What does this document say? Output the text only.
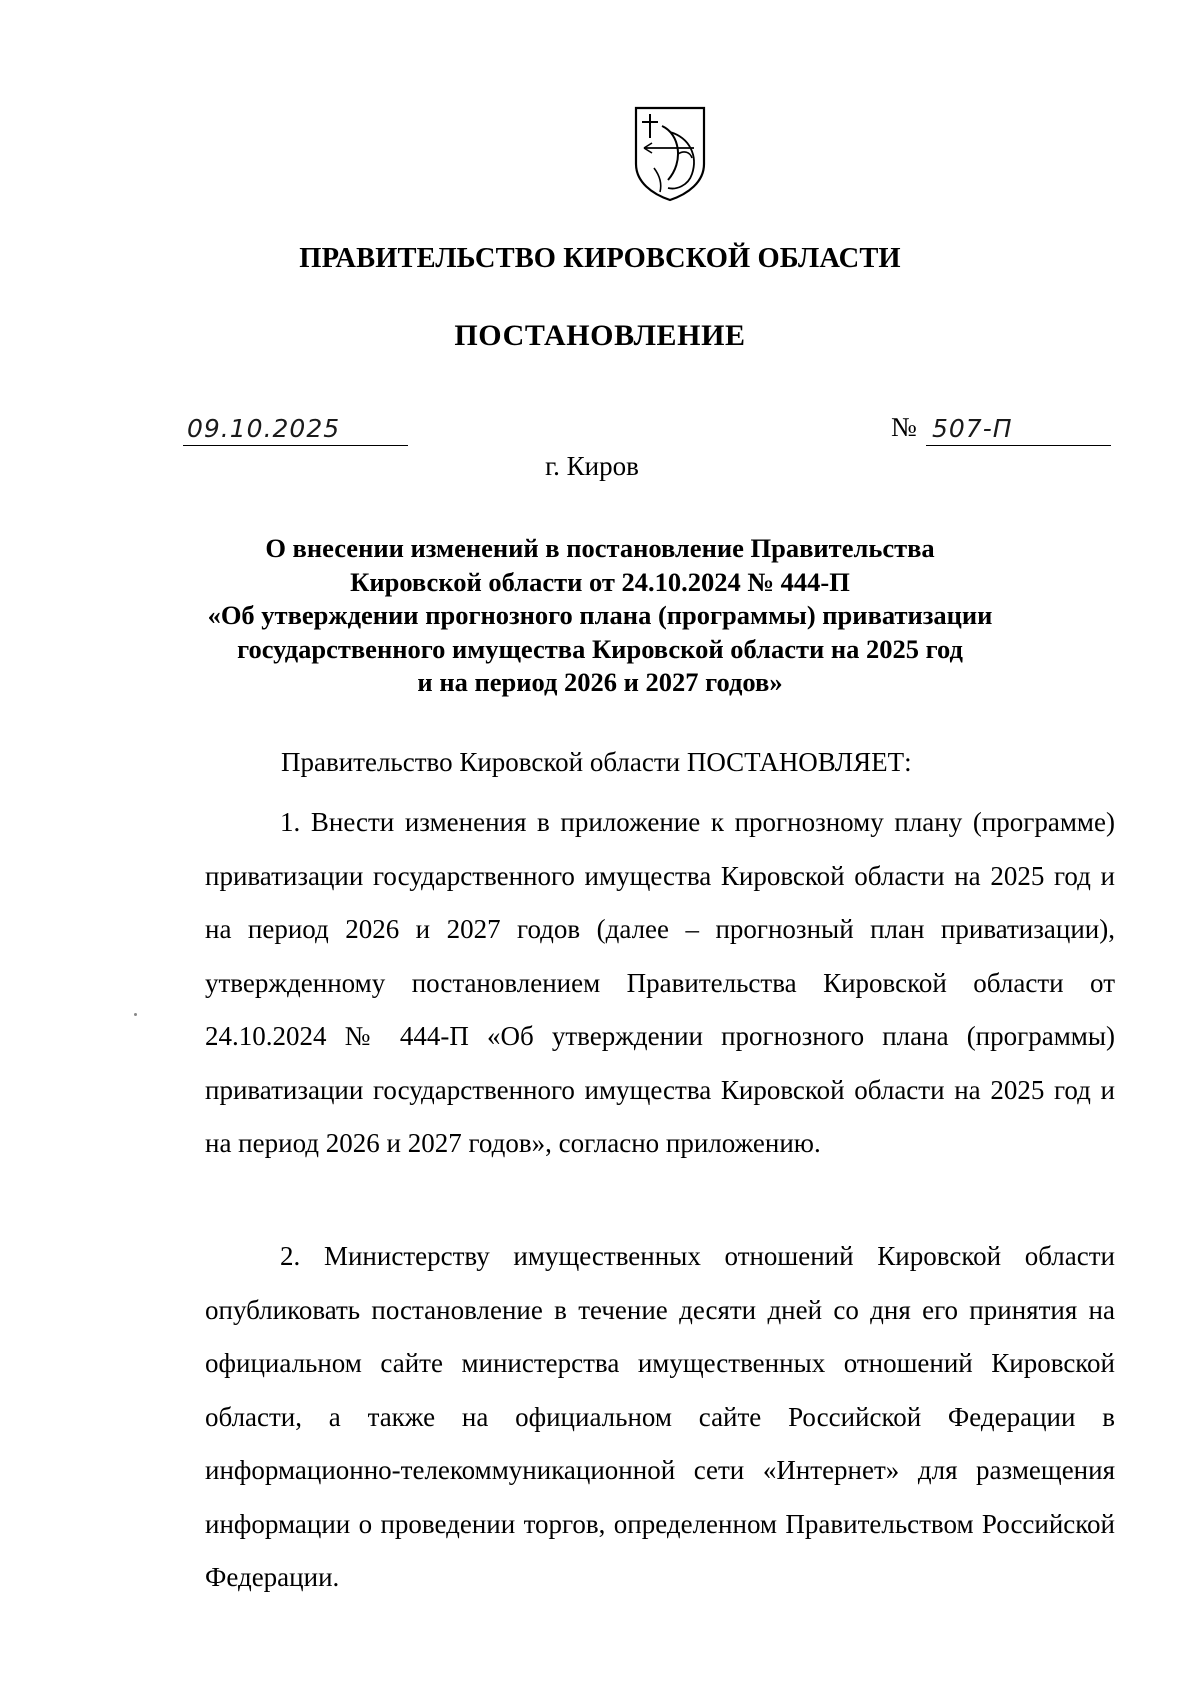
ПРАВИТЕЛЬСТВО КИРОВСКОЙ ОБЛАСТИ
ПОСТАНОВЛЕНИЕ
09.10.2025	№ 507-П
г. Киров
О внесении изменений в постановление Правительства
Кировской области от 24.10.2024 № 444-П
«Об утверждении прогнозного плана (программы) приватизации
государственного имущества Кировской области на 2025 год
и на период 2026 и 2027 годов»
Правительство Кировской области ПОСТАНОВЛЯЕТ:
1. Внести изменения в приложение к прогнозному плану (программе) приватизации государственного имущества Кировской области на 2025 год и на период 2026 и 2027 годов (далее – прогнозный план приватизации), утвержденному постановлением Правительства Кировской области от 24.10.2024 № 444-П «Об утверждении прогнозного плана (программы) приватизации государственного имущества Кировской области на 2025 год и на период 2026 и 2027 годов», согласно приложению.
2. Министерству имущественных отношений Кировской области опубликовать постановление в течение десяти дней со дня его принятия на официальном сайте министерства имущественных отношений Кировской области, а также на официальном сайте Российской Федерации в информационно-телекоммуникационной сети «Интернет» для размещения информации о проведении торгов, определенном Правительством Российской Федерации.
